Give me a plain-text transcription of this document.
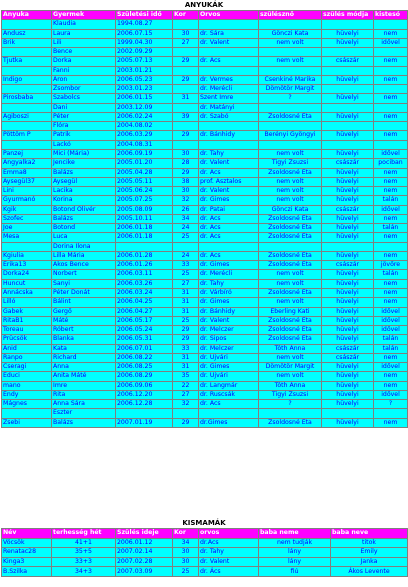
ANYUKÁK
Anyuka	Gyermek	Születési idő	Kor	Orvos	szülésznő	szülés módja	kistesó
	Klaudia	1994.08.27					
Andusz	Laura	2006.07.15	30	dr. Sára	Gönczi Kata	hüvelyi	nem
Brik	Lili	1999.04.30	27	dr. Valent	nem volt	hüvelyi	idővel
	Bence	2002.09.29					
Tjutka	Dorka	2005.07.13	29	dr. Ács	nem volt	császár	nem
	Fanni	2003.01.21					
Indigo	Áron	2006.05.23	29	dr. Vermes	Csenkiné Marika	hüvelyi	nem
	Zsombor	2003.01.23		dr. Merécli	Dömötör Margit		
Pirosbaba	Szabolcs	2006.01.15	31	Szent Imre	?	hüvelyi	nem
	Dani	2003.12.09		dr. Matányi			
Ágiboszi	Péter	2006.02.24	39	dr. Szabó	Zsoldosné Eta	hüvelyi	nem
	Flóra	2004.08.02					
Pöttöm P	Patrik	2006.03.29	29	dr. Bánhidy	Berényi Gyöngyi	hüvelyi	nem
	Lackó	2004.08.31					
Panzej	Mici (Mária)	2006.09.19	30	dr. Tahy	nem volt	hüvelyi	idővel
Angyalka2	Jencike	2005.01.20	28	dr. Valent	Tigyi Zsuzsi	császár	pociban
Emma8	Balázs	2005.04.28	29	dr. Ács	Zsoldosné Eta	hüvelyi	nem
Aysegül37	Aysegül	2005.05.11	38	prof. Asztalos	nem volt	hüvelyi	nem
Lini	Lacika	2005.06.24	30	dr. Valent	nem volt	hüvelyi	nem
Gyurmanó	Korina	2005.07.25	32	dr. Gimes	nem volt	hüvelyi	talán
Kgik	Botond Olivér	2005.08.09	26	dr. Patai	Gönczi Kata	császár	idővel
Szofec	Balázs	2005.10.11	34	dr. Ács	Zsoldosné Eta	hüvelyi	nem
Joe	Botond	2006.01.18	24	dr. Ács	Zsoldosné Eta	hüvelyi	talán
Mesa	Luca	2006.01.18	25	dr. Ács	Zsoldosné Eta	hüvelyi	nem
	Dorina Ilona						
Kgiulia	Lilla Mária	2006.01.28	24	dr. Ács	Zsoldosné Eta	hüvelyi	nem
Erika13	Ákos Bence	2006.01.26	33	dr. Gimes	Zsoldosné Eta	császár	jövőre
Dorka24	Norbert	2006.03.11	25	dr. Merécli	nem volt	hüvelyi	talán
Huncut	Sanyi	2006.03.26	27	dr. Tahy	nem volt	hüvelyi	nem
Annácska	Péter Donát	2006.03.24	31	dr. Várbíró	Zsoldosné Eta	hüvelyi	nem
Lilló	Bálint	2006.04.25	31	dr. Gimes	nem volt	hüvelyi	nem
Gabek	Gergő	2006.04.27	31	dr. Bánhidy	Éberling Kati	hüvelyi	idővel
RitaB1	Máté	2006.05.17	25	dr. Valent	Zsoldosné Eta	hüvelyi	idővel
Toreau	Róbert	2006.05.24	29	dr. Melczer	Zsoldosné Eta	hüvelyi	idővel
Prücsök	Blanka	2006.05.31	29	dr. Sipos	Zsoldosné Eta	hüvelyi	talán
Anid	Kata	2006.07.01	33	dr. Melczer	Tóth Anna	császár	talán
Ranpo	Richard	2006.08.22	31	dr. Ujvári	nem volt	császár	nem
Cseragi	Anna	2006.08.25	31	dr. Gimes	Dömötör Margit	hüvelyi	idővel
Educi	Anita Máté	2006.08.29	35	dr. Ujvári	nem volt	hüvelyi	nem
mano	Imre	2006.09.06	22	dr. Langmár	Tóth Anna	hüvelyi	nem
Endy	Rita	2006.12.20	27	dr. Ruscsák	Tigyi Zsuzsi	hüvelyi	idővel
Mágnes	Anna Sára	2006.12.28	32	dr. Ács	?	hüvelyi	?
	Eszter						
Zsebi	Balázs	2007.01.19	29	dr.Gimes	Zsoldosné Eta	hüvelyi	nem
KISMAMÁK
Név	terhesség hét	Szülés ideje	Kor	orvos	baba neme	baba neve
Vöcsök	41+1	2006.01.12	34	dr.Ács	nem tudják	titok
Renatac28	35+5	2007.02.14	30	dr. Tahy	lány	Emily
Kinga3	33+3	2007.02.28	30	dr. Valent	lány	Janka
B.Szilka	34+3	2007.03.09	25	dr. Ács	fiú	Ákos Levente
